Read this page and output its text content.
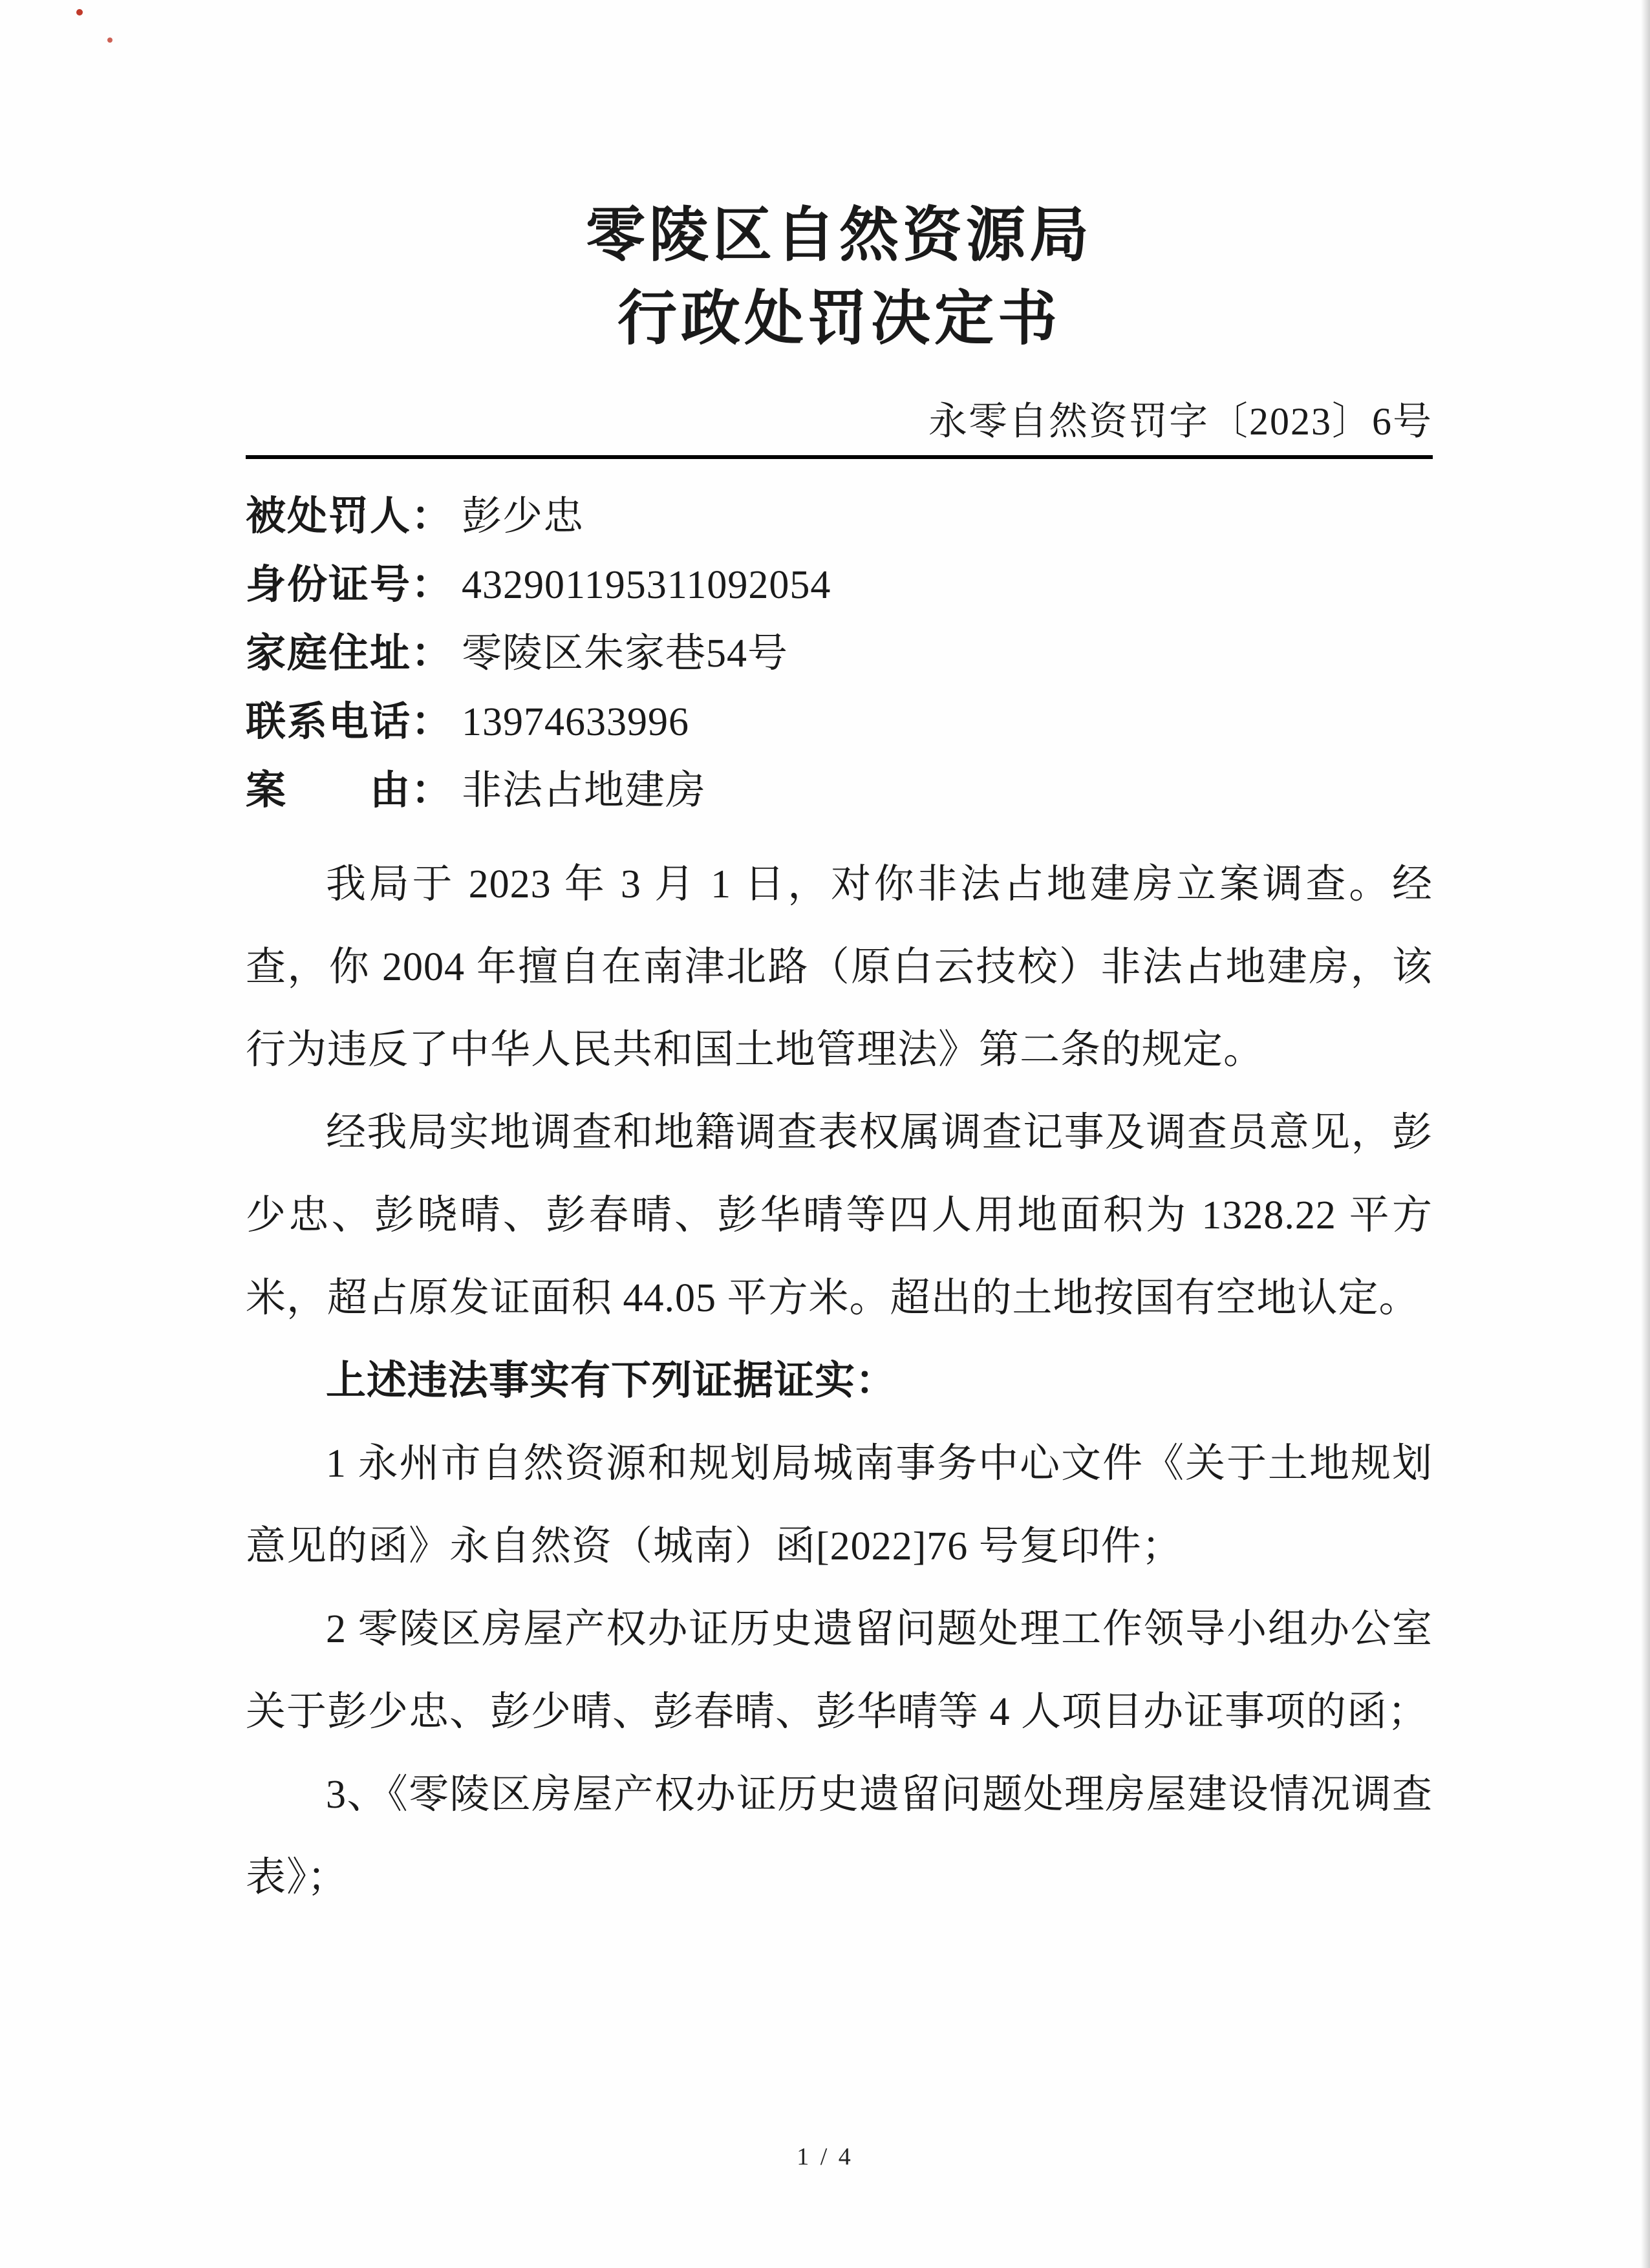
零陵区自然资源局
行政处罚决定书
永零自然资罚字〔2023〕6号
被处罚人： 彭少忠
身份证号： 432901195311092054
家庭住址： 零陵区朱家巷54号
联系电话： 13974633996
案　　由： 非法占地建房

我局于 2023 年 3 月 1 日，对你非法占地建房立案调查。经查，你 2004 年擅自在南津北路（原白云技校）非法占地建房，该行为违反了中华人民共和国土地管理法》第二条的规定。

经我局实地调查和地籍调查表权属调查记事及调查员意见，彭少忠、彭晓晴、彭春晴、彭华晴等四人用地面积为 1328.22 平方米，超占原发证面积 44.05 平方米。超出的土地按国有空地认定。

上述违法事实有下列证据证实：

1 永州市自然资源和规划局城南事务中心文件《关于土地规划意见的函》永自然资（城南）函[2022]76 号复印件；

2 零陵区房屋产权办证历史遗留问题处理工作领导小组办公室关于彭少忠、彭少晴、彭春晴、彭华晴等 4 人项目办证事项的函；

3、《零陵区房屋产权办证历史遗留问题处理房屋建设情况调查表》；

1 / 4
